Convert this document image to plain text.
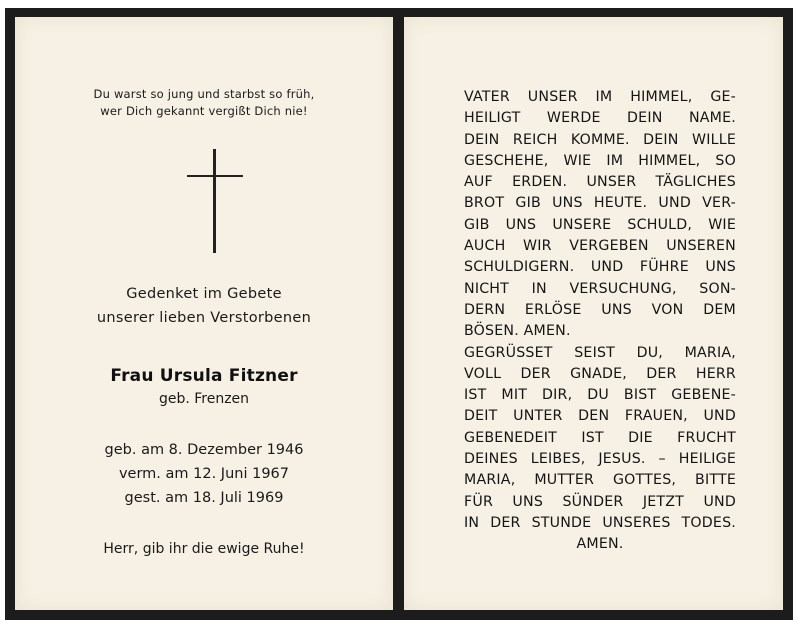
Du warst so jung und starbst so früh,
wer Dich gekannt vergißt Dich nie!
Gedenket im Gebete
unserer lieben Verstorbenen
Frau Ursula Fitzner
geb. Frenzen
geb. am 8. Dezember 1946
verm. am 12. Juni 1967
gest. am 18. Juli 1969
Herr, gib ihr die ewige Ruhe!
VATER UNSER IM HIMMEL, GE-
HEILIGT WERDE DEIN NAME.
DEIN REICH KOMME. DEIN WILLE
GESCHEHE, WIE IM HIMMEL, SO
AUF ERDEN. UNSER TÄGLICHES
BROT GIB UNS HEUTE. UND VER-
GIB UNS UNSERE SCHULD, WIE
AUCH WIR VERGEBEN UNSEREN
SCHULDIGERN. UND FÜHRE UNS
NICHT IN VERSUCHUNG, SON-
DERN ERLÖSE UNS VON DEM
BÖSEN. AMEN.
GEGRÜSSET SEIST DU, MARIA,
VOLL DER GNADE, DER HERR
IST MIT DIR, DU BIST GEBENE-
DEIT UNTER DEN FRAUEN, UND
GEBENEDEIT IST DIE FRUCHT
DEINES LEIBES, JESUS. – HEILIGE
MARIA, MUTTER GOTTES, BITTE
FÜR UNS SÜNDER JETZT UND
IN DER STUNDE UNSERES TODES.
AMEN.
